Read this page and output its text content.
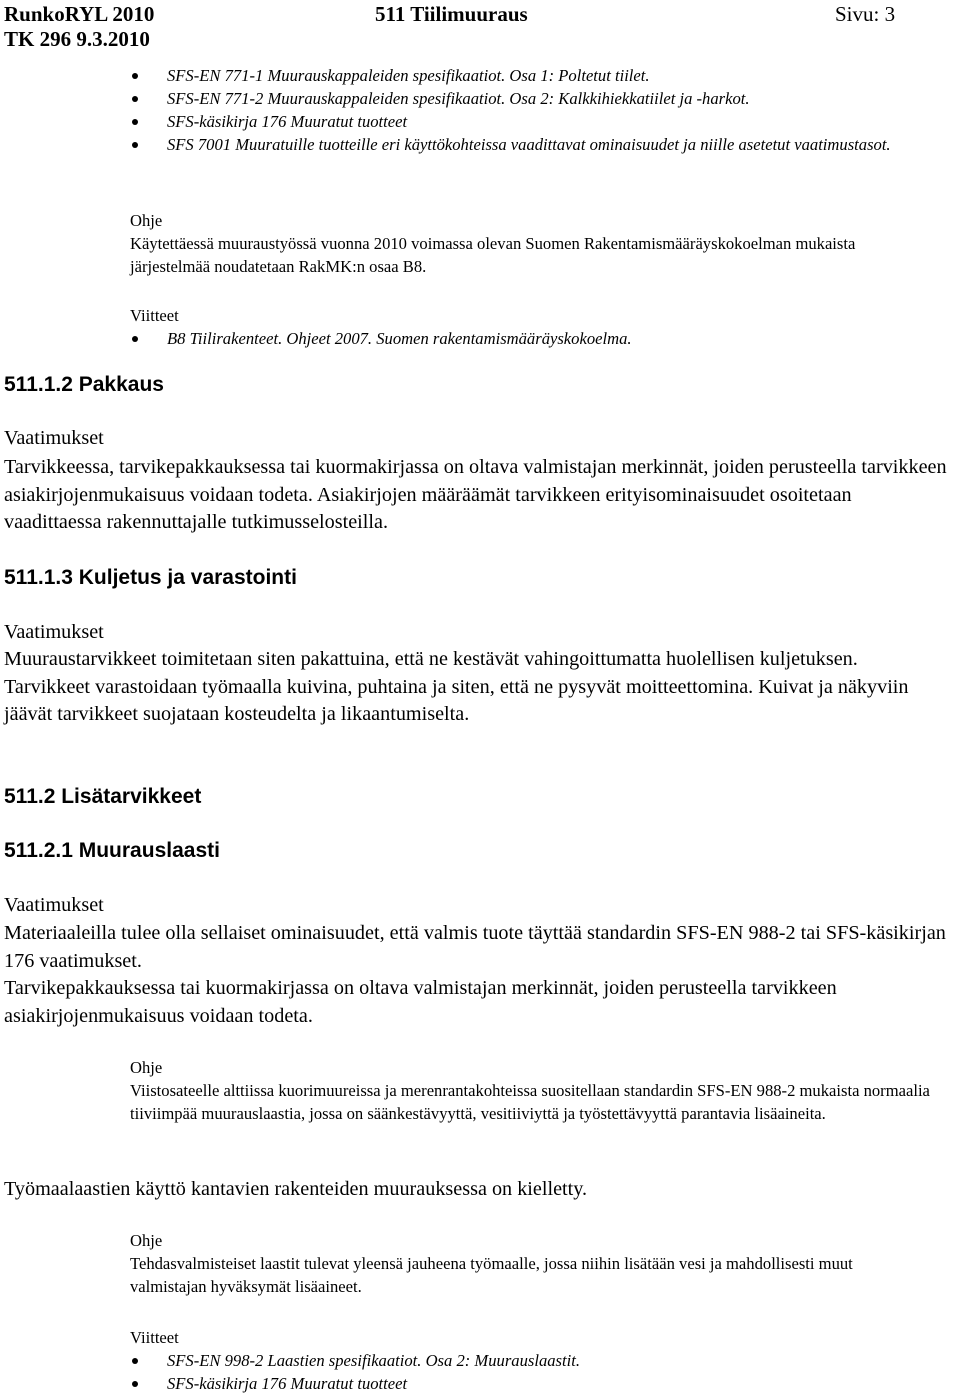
RunkoRYL 2010
TK 296 9.3.2010
511 Tiilimuuraus	Sivu: 3
SFS-EN 771-1 Muurauskappaleiden spesifikaatiot. Osa 1: Poltetut tiilet.
SFS-EN 771-2 Muurauskappaleiden spesifikaatiot. Osa 2: Kalkkihiekkatiilet ja -harkot.
SFS-käsikirja 176 Muuratut tuotteet
SFS 7001 Muuratuille tuotteille eri käyttökohteissa vaadittavat ominaisuudet ja niille asetetut vaatimustasot.
Ohje
Käytettäessä muuraustyössä vuonna 2010 voimassa olevan Suomen Rakentamismääräyskokoelman mukaista järjestelmää noudatetaan RakMK:n osaa B8.
Viitteet
B8 Tiilirakenteet. Ohjeet 2007. Suomen rakentamismääräyskokoelma.
511.1.2 Pakkaus
Vaatimukset
Tarvikkeessa, tarvikepakkauksessa tai kuormakirjassa on oltava valmistajan merkinnät, joiden perusteella tarvikkeen asiakirjojenmukaisuus voidaan todeta. Asiakirjojen määräämät tarvikkeen erityisominaisuudet osoitetaan vaadittaessa rakennuttajalle tutkimusselosteilla.
511.1.3 Kuljetus ja varastointi
Vaatimukset
Muuraustarvikkeet toimitetaan siten pakattuina, että ne kestävät vahingoittumatta huolellisen kuljetuksen.
Tarvikkeet varastoidaan työmaalla kuivina, puhtaina ja siten, että ne pysyvät moitteettomina. Kuivat ja näkyviin jäävät tarvikkeet suojataan kosteudelta ja likaantumiselta.
511.2 Lisätarvikkeet
511.2.1 Muurauslaasti
Vaatimukset
Materiaaleilla tulee olla sellaiset ominaisuudet, että valmis tuote täyttää standardin SFS-EN 988-2 tai SFS-käsikirjan 176 vaatimukset.
Tarvikepakkauksessa tai kuormakirjassa on oltava valmistajan merkinnät, joiden perusteella tarvikkeen asiakirjojenmukaisuus voidaan todeta.
Ohje
Viistosateelle alttiissa kuorimuureissa ja merenrantakohteissa suositellaan standardin SFS-EN 988-2 mukaista normaalia tiiviimpää muurauslaastia, jossa on säänkestävyyttä, vesitiiviyttä ja työstettävyyttä parantavia lisäaineita.
Työmaalaastien käyttö kantavien rakenteiden muurauksessa on kielletty.
Ohje
Tehdasvalmisteiset laastit tulevat yleensä jauheena työmaalle, jossa niihin lisätään vesi ja mahdollisesti muut valmistajan hyväksymät lisäaineet.
Viitteet
SFS-EN 998-2 Laastien spesifikaatiot. Osa 2: Muurauslaastit.
SFS-käsikirja 176 Muuratut tuotteet
